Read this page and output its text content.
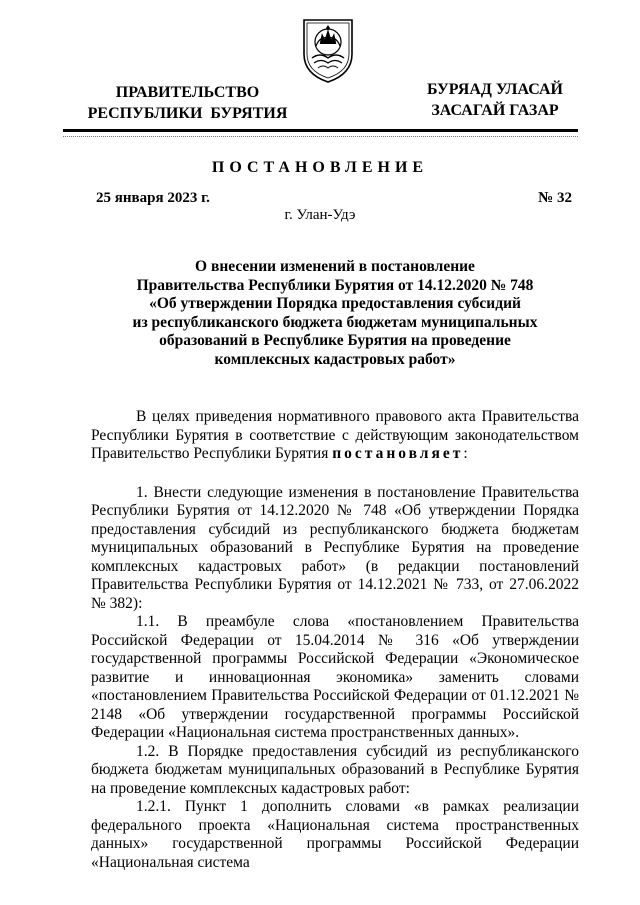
ПРАВИТЕЛЬСТВО
РЕСПУБЛИКИ  БУРЯТИЯ
БУРЯАД УЛАСАЙ
ЗАСАГАЙ ГАЗАР
ПОСТАНОВЛЕНИЕ
25 января 2023 г.	№ 32
г. Улан-Удэ
О внесении изменений в постановление
Правительства Республики Бурятия от 14.12.2020 № 748
«Об утверждении Порядка предоставления субсидий
из республиканского бюджета бюджетам муниципальных
образований в Республике Бурятия на проведение
комплексных кадастровых работ»

В целях приведения нормативного правового акта Правительства Республики Бурятия в соответствие с действующим законодательством Правительство Республики Бурятия постановляет:

1. Внести следующие изменения в постановление Правительства Республики Бурятия от 14.12.2020 № 748 «Об утверждении Порядка предоставления субсидий из республиканского бюджета бюджетам муниципальных образований в Республике Бурятия на проведение комплексных кадастровых работ» (в редакции постановлений Правительства Республики Бурятия от 14.12.2021 № 733, от 27.06.2022 № 382):

1.1. В преамбуле слова «постановлением Правительства Российской Федерации от 15.04.2014 № 316 «Об утверждении государственной программы Российской Федерации «Экономическое развитие и инновационная экономика» заменить словами «постановлением Правительства Российской Федерации от 01.12.2021 № 2148 «Об утверждении государственной программы Российской Федерации «Национальная система пространственных данных».

1.2. В Порядке предоставления субсидий из республиканского бюджета бюджетам муниципальных образований в Республике Бурятия на проведение комплексных кадастровых работ:

1.2.1. Пункт 1 дополнить словами «в рамках реализации федерального проекта «Национальная система пространственных данных» государственной программы Российской Федерации «Национальная система
